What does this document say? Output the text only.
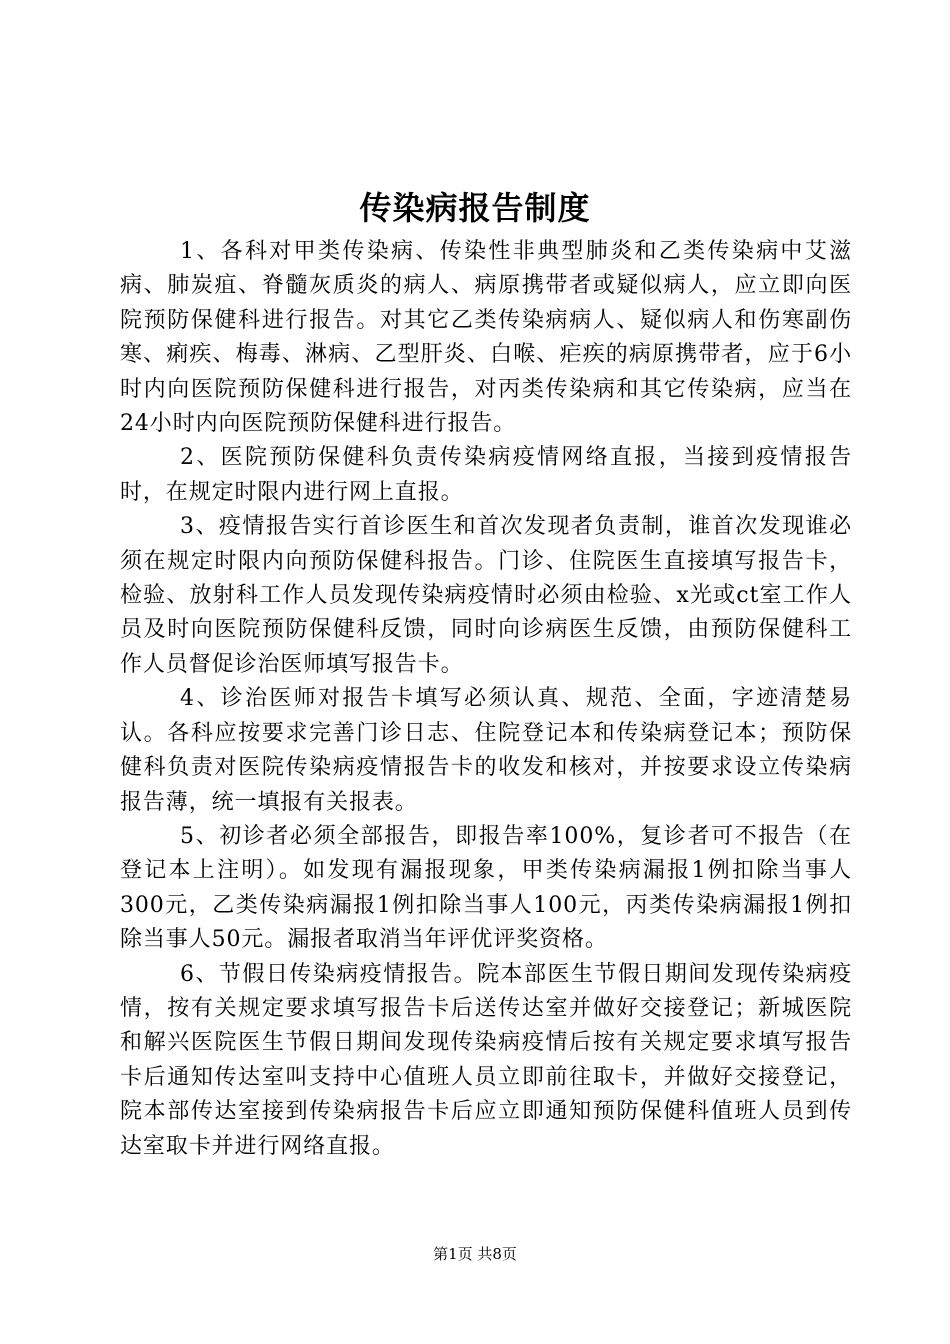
传染病报告制度

1、各科对甲类传染病、传染性非典型肺炎和乙类传染病中艾滋病、肺炭疽、脊髓灰质炎的病人、病原携带者或疑似病人，应立即向医院预防保健科进行报告。对其它乙类传染病病人、疑似病人和伤寒副伤寒、痢疾、梅毒、淋病、乙型肝炎、白喉、疟疾的病原携带者，应于6小时内向医院预防保健科进行报告，对丙类传染病和其它传染病，应当在24小时内向医院预防保健科进行报告。

2、医院预防保健科负责传染病疫情网络直报，当接到疫情报告时，在规定时限内进行网上直报。

3、疫情报告实行首诊医生和首次发现者负责制，谁首次发现谁必须在规定时限内向预防保健科报告。门诊、住院医生直接填写报告卡，检验、放射科工作人员发现传染病疫情时必须由检验、x光或ct室工作人员及时向医院预防保健科反馈，同时向诊病医生反馈，由预防保健科工作人员督促诊治医师填写报告卡。

4、诊治医师对报告卡填写必须认真、规范、全面，字迹清楚易认。各科应按要求完善门诊日志、住院登记本和传染病登记本；预防保健科负责对医院传染病疫情报告卡的收发和核对，并按要求设立传染病报告薄，统一填报有关报表。

5、初诊者必须全部报告，即报告率100%，复诊者可不报告（在登记本上注明）。如发现有漏报现象，甲类传染病漏报1例扣除当事人300元，乙类传染病漏报1例扣除当事人100元，丙类传染病漏报1例扣除当事人50元。漏报者取消当年评优评奖资格。

6、节假日传染病疫情报告。院本部医生节假日期间发现传染病疫情，按有关规定要求填写报告卡后送传达室并做好交接登记；新城医院和解兴医院医生节假日期间发现传染病疫情后按有关规定要求填写报告卡后通知传达室叫支持中心值班人员立即前往取卡，并做好交接登记，院本部传达室接到传染病报告卡后应立即通知预防保健科值班人员到传达室取卡并进行网络直报。

第1页 共8页
